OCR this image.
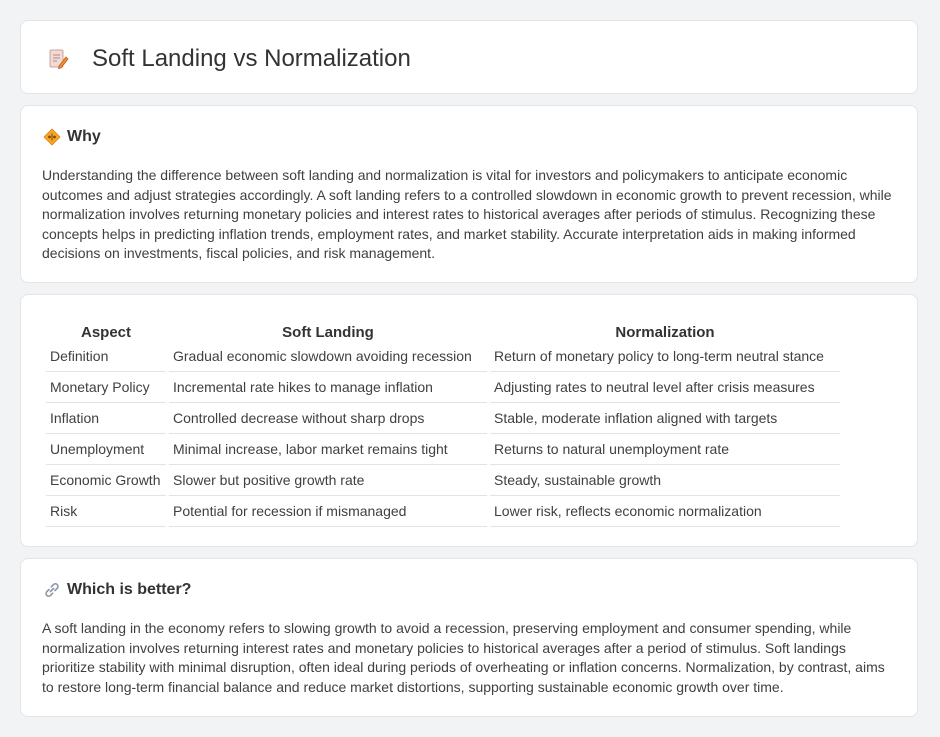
Soft Landing vs Normalization
Why

Understanding the difference between soft landing and normalization is vital for investors and policymakers to anticipate economic outcomes and adjust strategies accordingly. A soft landing refers to a controlled slowdown in economic growth to prevent recession, while normalization involves returning monetary policies and interest rates to historical averages after periods of stimulus. Recognizing these concepts helps in predicting inflation trends, employment rates, and market stability. Accurate interpretation aids in making informed decisions on investments, fiscal policies, and risk management.

Aspect	Soft Landing	Normalization
Definition	Gradual economic slowdown avoiding recession	Return of monetary policy to long-term neutral stance
Monetary Policy	Incremental rate hikes to manage inflation	Adjusting rates to neutral level after crisis measures
Inflation	Controlled decrease without sharp drops	Stable, moderate inflation aligned with targets
Unemployment	Minimal increase, labor market remains tight	Returns to natural unemployment rate
Economic Growth	Slower but positive growth rate	Steady, sustainable growth
Risk	Potential for recession if mismanaged	Lower risk, reflects economic normalization
Which is better?

A soft landing in the economy refers to slowing growth to avoid a recession, preserving employment and consumer spending, while normalization involves returning interest rates and monetary policies to historical averages after a period of stimulus. Soft landings prioritize stability with minimal disruption, often ideal during periods of overheating or inflation concerns. Normalization, by contrast, aims to restore long-term financial balance and reduce market distortions, supporting sustainable economic growth over time.
